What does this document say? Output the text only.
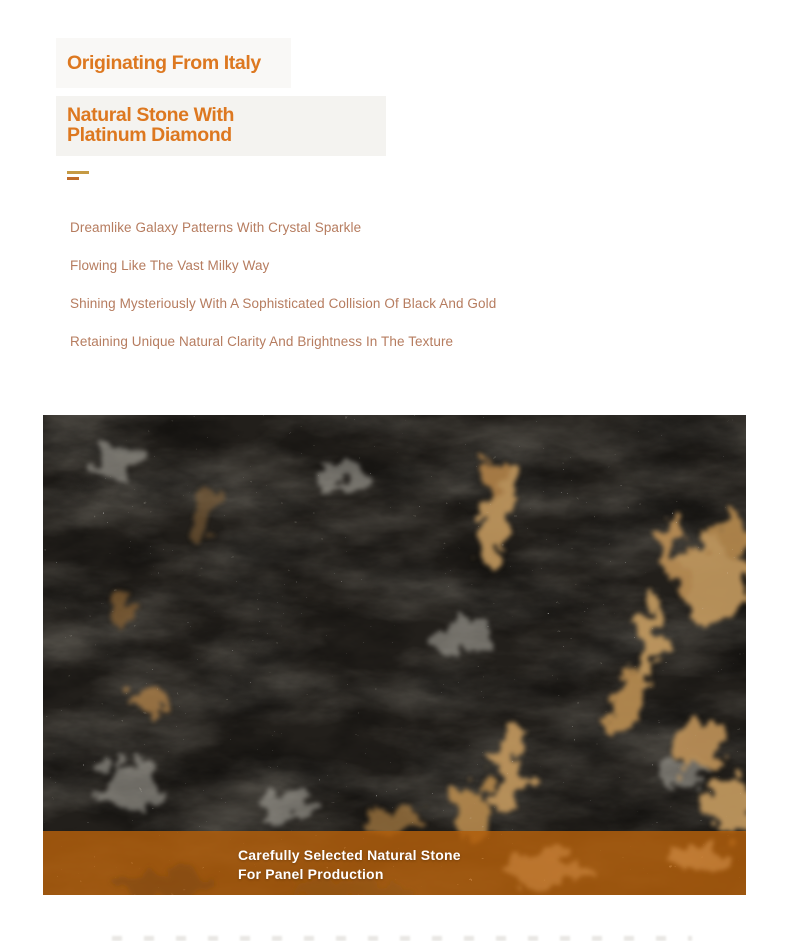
Originating From Italy
Natural Stone With
Platinum Diamond
Dreamlike Galaxy Patterns With Crystal Sparkle
Flowing Like The Vast Milky Way
Shining Mysteriously With A Sophisticated Collision Of Black And Gold
Retaining Unique Natural Clarity And Brightness In The Texture
Carefully Selected Natural Stone
For Panel Production
